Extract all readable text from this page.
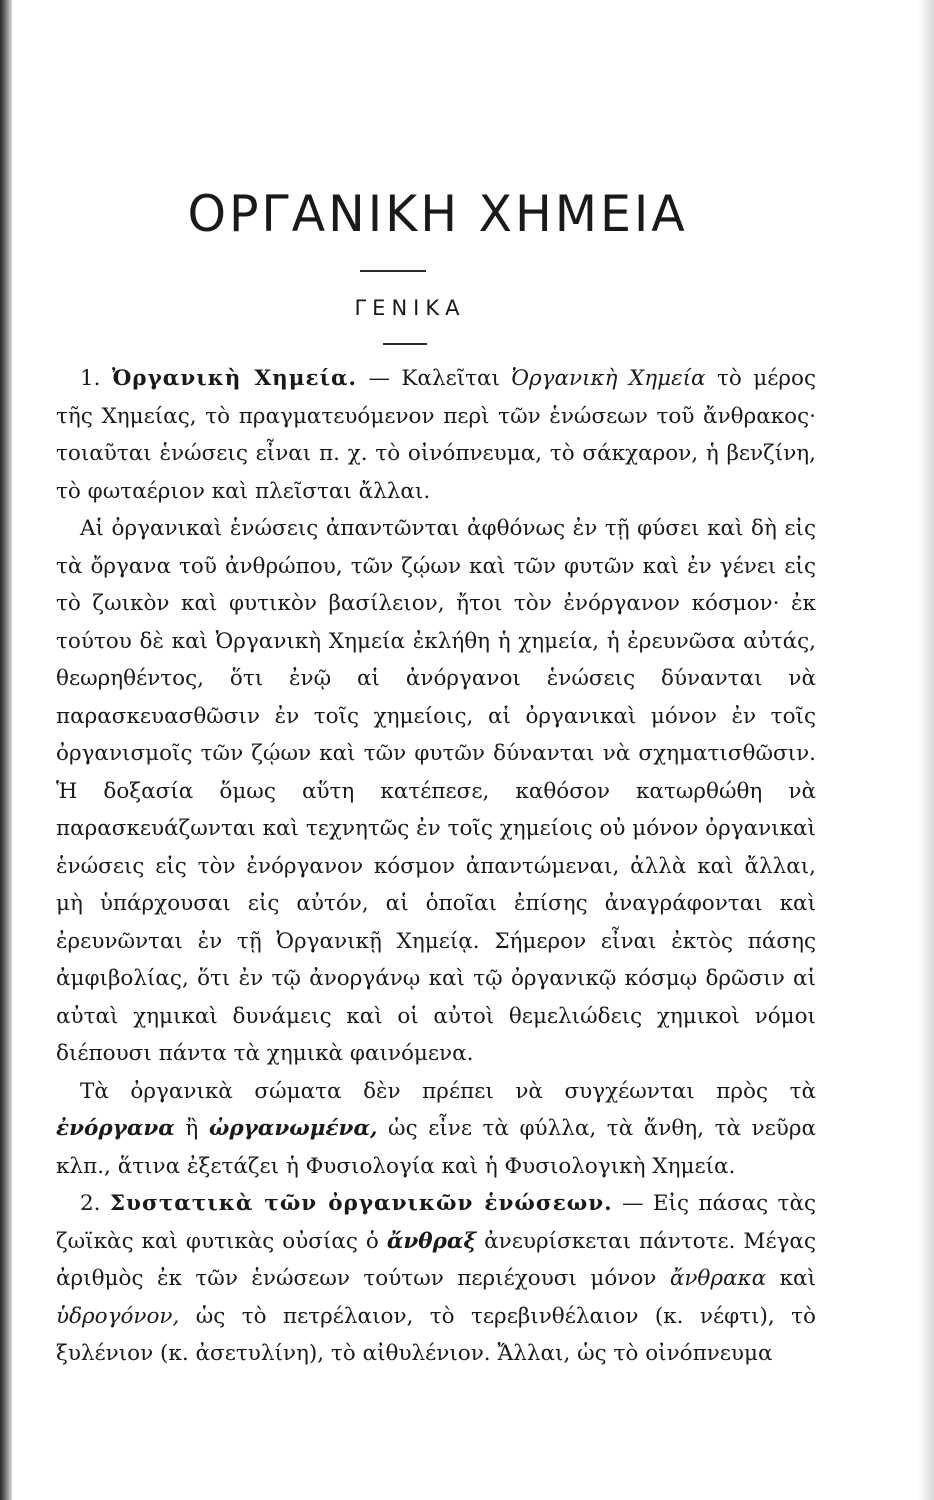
ΟΡΓΑΝΙΚΗ ΧΗΜΕΙΑ
ΓΕΝΙΚΑ

1. Ὀργανικὴ Χημεία. — Καλεῖται Ὀργανικὴ Χημεία τὸ μέρος τῆς Χημείας, τὸ πραγματευόμενον περὶ τῶν ἑνώσεων τοῦ ἄνθρακος· τοιαῦται ἑνώσεις εἶναι π. χ. τὸ οἰνόπνευμα, τὸ σάκχαρον, ἡ βενζίνη, τὸ φωταέριον καὶ πλεῖσται ἄλλαι.

Αἱ ὀργανικαὶ ἑνώσεις ἀπαντῶνται ἀφθόνως ἐν τῇ φύσει καὶ δὴ εἰς τὰ ὄργανα τοῦ ἀνθρώπου, τῶν ζῴων καὶ τῶν φυτῶν καὶ ἐν γένει εἰς τὸ ζωικὸν καὶ φυτικὸν βασίλειον, ἤτοι τὸν ἐνόργανον κόσμον· ἐκ τούτου δὲ καὶ Ὀργανικὴ Χημεία ἐκλήθη ἡ χημεία, ἡ ἐρευνῶσα αὐτάς, θεωρηθέντος, ὅτι ἐνῷ αἱ ἀνόργανοι ἑνώσεις δύνανται νὰ παρασκευασθῶσιν ἐν τοῖς χημείοις, αἱ ὀργανικαὶ μόνον ἐν τοῖς ὀργανισμοῖς τῶν ζῴων καὶ τῶν φυτῶν δύνανται νὰ σχηματισθῶσιν. Ἡ δοξασία ὅμως αὕτη κατέπεσε, καθόσον κατωρθώθη νὰ παρασκευάζωνται καὶ τεχνητῶς ἐν τοῖς χημείοις οὐ μόνον ὀργανικαὶ ἑνώσεις εἰς τὸν ἐνόργανον κόσμον ἀπαντώμεναι, ἀλλὰ καὶ ἄλλαι, μὴ ὑπάρχουσαι εἰς αὐτόν, αἱ ὁποῖαι ἐπίσης ἀναγράφονται καὶ ἐρευνῶνται ἐν τῇ Ὀργανικῇ Χημείᾳ. Σήμερον εἶναι ἐκτὸς πάσης ἀμφιβολίας, ὅτι ἐν τῷ ἀνοργάνῳ καὶ τῷ ὀργανικῷ κόσμῳ δρῶσιν αἱ αὐταὶ χημικαὶ δυνάμεις καὶ οἱ αὐτοὶ θεμελιώδεις χημικοὶ νόμοι διέπουσι πάντα τὰ χημικὰ φαινόμενα.

Τὰ ὀργανικὰ σώματα δὲν πρέπει νὰ συγχέωνται πρὸς τὰ ἐνόργανα ἢ ὠργανωμένα, ὡς εἶνε τὰ φύλλα, τὰ ἄνθη, τὰ νεῦρα κλπ., ἅτινα ἐξετάζει ἡ Φυσιολογία καὶ ἡ Φυσιολογικὴ Χημεία.

2. Συστατικὰ τῶν ὀργανικῶν ἑνώσεων. — Εἰς πάσας τὰς ζωϊκὰς καὶ φυτικὰς οὐσίας ὁ ἄνθραξ ἀνευρίσκεται πάντοτε. Μέγας ἀριθμὸς ἐκ τῶν ἑνώσεων τούτων περιέχουσι μόνον ἄνθρακα καὶ ὑδρογόνον, ὡς τὸ πετρέλαιον, τὸ τερεβινθέλαιον (κ. νέφτι), τὸ ξυλένιον (κ. ἀσετυλίνη), τὸ αἰθυλένιον. Ἄλλαι, ὡς τὸ οἰνόπνευμα
